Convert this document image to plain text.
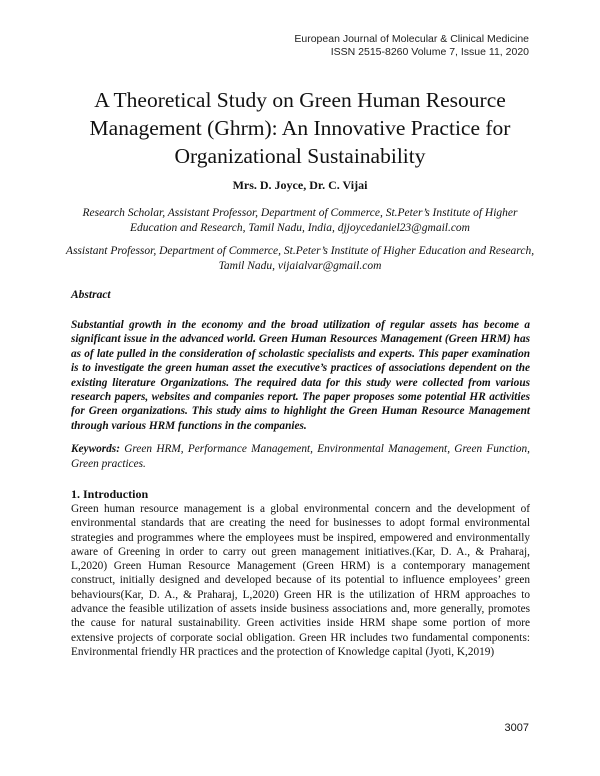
European Journal of Molecular & Clinical Medicine
ISSN 2515-8260 Volume 7, Issue 11, 2020
A Theoretical Study on Green Human Resource Management (Ghrm): An Innovative Practice for Organizational Sustainability
Mrs. D. Joyce, Dr. C. Vijai
Research Scholar, Assistant Professor, Department of Commerce, St.Peter’s Institute of Higher Education and Research, Tamil Nadu, India, djjoycedaniel23@gmail.com
Assistant Professor, Department of Commerce, St.Peter’s Institute of Higher Education and Research, Tamil Nadu, vijaialvar@gmail.com
Abstract
Substantial growth in the economy and the broad utilization of regular assets has become a significant issue in the advanced world. Green Human Resources Management (Green HRM) has as of late pulled in the consideration of scholastic specialists and experts. This paper examination is to investigate the green human asset the executive’s practices of associations dependent on the existing literature Organizations. The required data for this study were collected from various research papers, websites and companies report. The paper proposes some potential HR activities for Green organizations. This study aims to highlight the Green Human Resource Management through various HRM functions in the companies.
Keywords: Green HRM, Performance Management, Environmental Management, Green Function, Green practices.
1. Introduction
Green human resource management is a global environmental concern and the development of environmental standards that are creating the need for businesses to adopt formal environmental strategies and programmes where the employees must be inspired, empowered and environmentally aware of Greening in order to carry out green management initiatives.(Kar, D. A., & Praharaj, L,2020) Green Human Resource Management (Green HRM) is a contemporary management construct, initially designed and developed because of its potential to influence employees’ green behaviours(Kar, D. A., & Praharaj, L,2020) Green HR is the utilization of HRM approaches to advance the feasible utilization of assets inside business associations and, more generally, promotes the cause for natural sustainability. Green activities inside HRM shape some portion of more extensive projects of corporate social obligation. Green HR includes two fundamental components: Environmental friendly HR practices and the protection of Knowledge capital (Jyoti, K,2019)
3007
